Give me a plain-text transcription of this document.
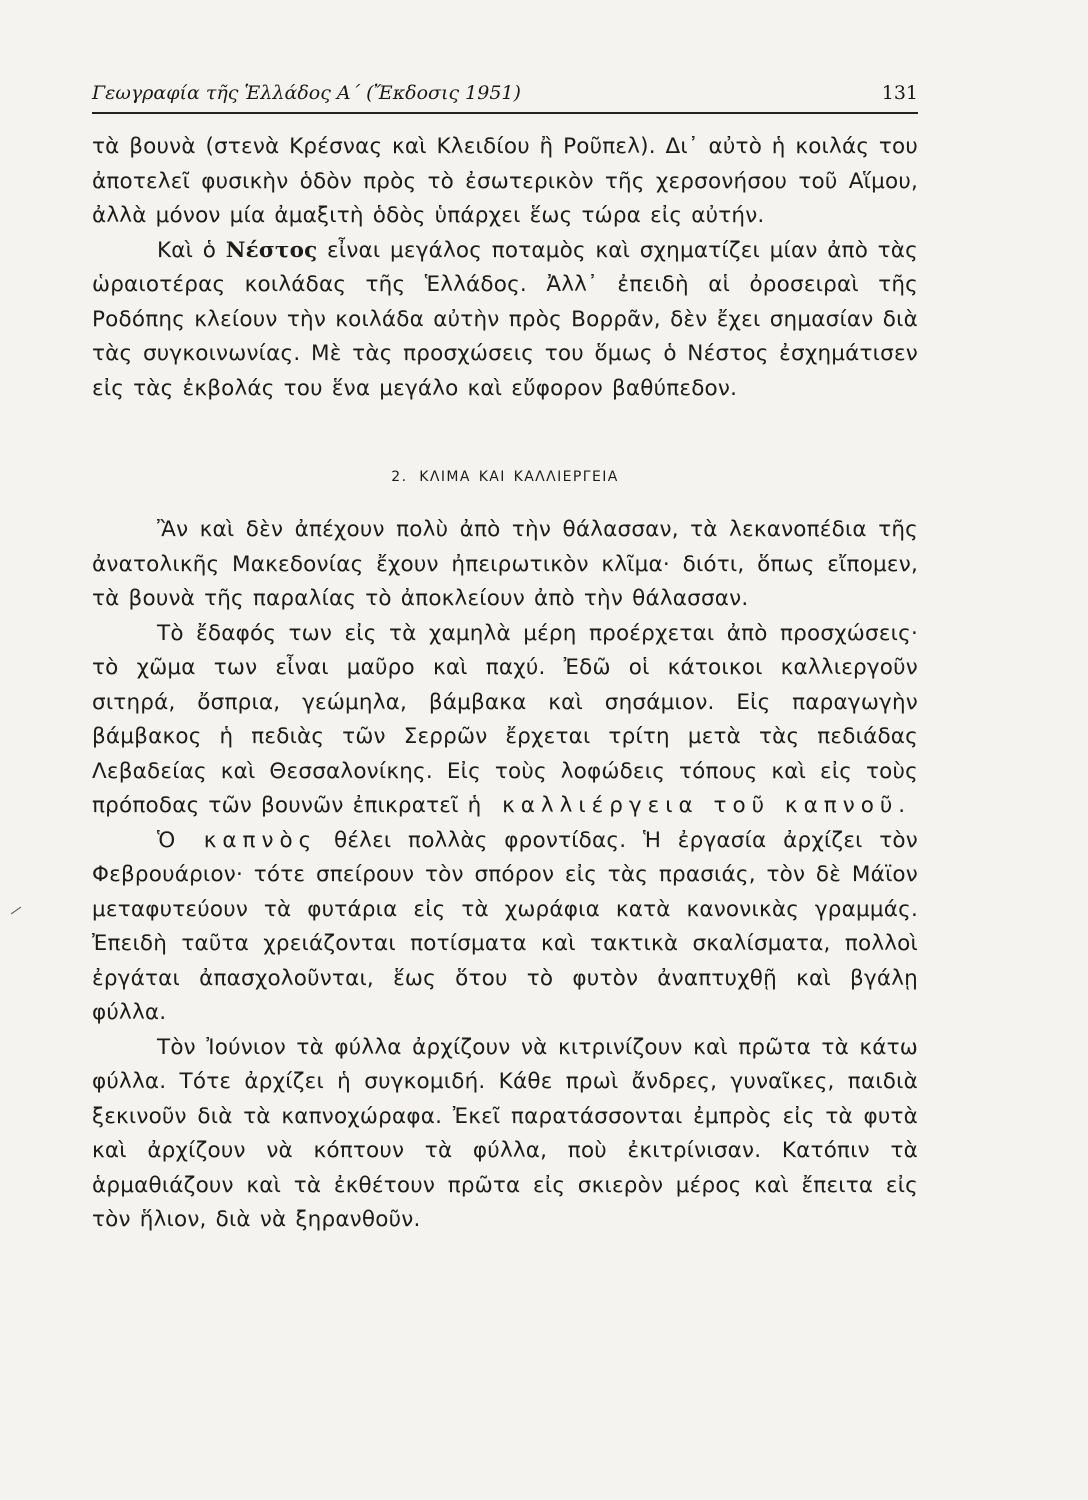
Γεωγραφία τῆς Ἑλλάδος Α΄ (Ἔκδοσις 1951)	131

τὰ βουνὰ (στενὰ Κρέσνας καὶ Κλειδίου ἢ Ροῦπελ). Δι᾽ αὐτὸ ἡ κοιλάς του ἀποτελεῖ φυσικὴν ὁδὸν πρὸς τὸ ἐσωτερικὸν τῆς χερσονήσου τοῦ Αἵμου, ἀλλὰ μόνον μία ἀμαξιτὴ ὁδὸς ὑπάρχει ἕως τώρα εἰς αὐτήν.

Καὶ ὁ Νέστος εἶναι μεγάλος ποταμὸς καὶ σχηματίζει μίαν ἀπὸ τὰς ὡραιοτέρας κοιλάδας τῆς Ἑλλάδος. Ἀλλ᾽ ἐπειδὴ αἱ ὀροσειραὶ τῆς Ροδόπης κλείουν τὴν κοιλάδα αὐτὴν πρὸς Βορρᾶν, δὲν ἔχει σημασίαν διὰ τὰς συγκοινωνίας. Μὲ τὰς προσχώσεις του ὅμως ὁ Νέστος ἐσχημάτισεν εἰς τὰς ἐκβολάς του ἕνα μεγάλο καὶ εὔφορον βαθύπεδον.

2. ΚΛΙΜΑ ΚΑΙ ΚΑΛΛΙΕΡΓΕΙΑ

Ἂν καὶ δὲν ἀπέχουν πολὺ ἀπὸ τὴν θάλασσαν, τὰ λεκανοπέδια τῆς ἀνατολικῆς Μακεδονίας ἔχουν ἠπειρωτικὸν κλῖμα· διότι, ὅπως εἴπομεν, τὰ βουνὰ τῆς παραλίας τὸ ἀποκλείουν ἀπὸ τὴν θάλασσαν.

Τὸ ἔδαφός των εἰς τὰ χαμηλὰ μέρη προέρχεται ἀπὸ προσχώσεις· τὸ χῶμα των εἶναι μαῦρο καὶ παχύ. Ἐδῶ οἱ κάτοικοι καλλιεργοῦν σιτηρά, ὄσπρια, γεώμηλα, βάμβακα καὶ σησάμιον. Εἰς παραγωγὴν βάμβακος ἡ πεδιὰς τῶν Σερρῶν ἔρχεται τρίτη μετὰ τὰς πεδιάδας Λεβαδείας καὶ Θεσσαλονίκης. Εἰς τοὺς λοφώδεις τόπους καὶ εἰς τοὺς πρόποδας τῶν βουνῶν ἐπικρατεῖ ἡ καλλιέργεια τοῦ καπνοῦ.

Ὁ καπνὸς θέλει πολλὰς φροντίδας. Ἡ ἐργασία ἀρχίζει τὸν Φεβρουάριον· τότε σπείρουν τὸν σπόρον εἰς τὰς πρασιάς, τὸν δὲ Μάϊον μεταφυτεύουν τὰ φυτάρια εἰς τὰ χωράφια κατὰ κανονικὰς γραμμάς. Ἐπειδὴ ταῦτα χρειάζονται ποτίσματα καὶ τακτικὰ σκαλίσματα, πολλοὶ ἐργάται ἀπασχολοῦνται, ἕως ὅτου τὸ φυτὸν ἀναπτυχθῇ καὶ βγάλῃ φύλλα.

Τὸν Ἰούνιον τὰ φύλλα ἀρχίζουν νὰ κιτρινίζουν καὶ πρῶτα τὰ κάτω φύλλα. Τότε ἀρχίζει ἡ συγκομιδή. Κάθε πρωὶ ἄνδρες, γυναῖκες, παιδιὰ ξεκινοῦν διὰ τὰ καπνοχώραφα. Ἐκεῖ παρατάσσονται ἐμπρὸς εἰς τὰ φυτὰ καὶ ἀρχίζουν νὰ κόπτουν τὰ φύλλα, ποὺ ἐκιτρίνισαν. Κατόπιν τὰ ἁρμαθιάζουν καὶ τὰ ἐκθέτουν πρῶτα εἰς σκιερὸν μέρος καὶ ἔπειτα εἰς τὸν ἥλιον, διὰ νὰ ξηρανθοῦν.
